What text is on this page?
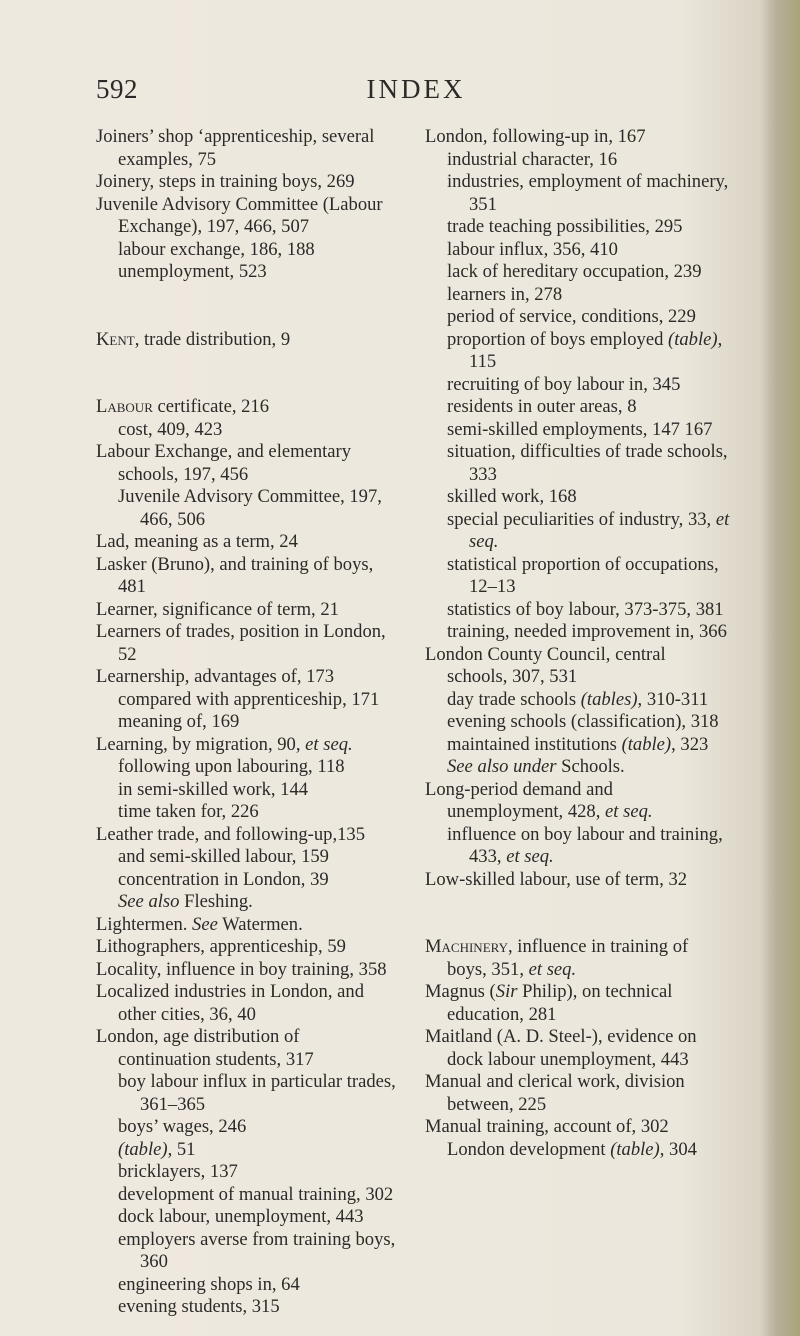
592	INDEX

Joiners’ shop ‘apprenticeship, several examples, 75

Joinery, steps in training boys, 269

Juvenile Advisory Committee (Labour Exchange), 197, 466, 507

labour exchange, 186, 188

unemployment, 523

Kent, trade distribution, 9

Labour certificate, 216

cost, 409, 423

Labour Exchange, and elementary schools, 197, 456

Juvenile Advisory Committee, 197, 466, 506

Lad, meaning as a term, 24

Lasker (Bruno), and training of boys, 481

Learner, significance of term, 21

Learners of trades, position in London, 52

Learnership, advantages of, 173

compared with apprenticeship, 171

meaning of, 169

Learning, by migration, 90, et seq.

following upon labouring, 118

in semi-skilled work, 144

time taken for, 226

Leather trade, and following-up,135

and semi-skilled labour, 159

concentration in London, 39

See also Fleshing.

Lightermen. See Watermen.

Lithographers, apprenticeship, 59

Locality, influence in boy training, 358

Localized industries in London, and other cities, 36, 40

London, age distribution of continuation students, 317

boy labour influx in particular trades, 361–365

boys’ wages, 246

(table), 51

bricklayers, 137

development of manual training, 302

dock labour, unemployment, 443

employers averse from training boys, 360

engineering shops in, 64

evening students, 315

London, following-up in, 167

industrial character, 16

industries, employment of machinery, 351

trade teaching possibilities, 295

labour influx, 356, 410

lack of hereditary occupation, 239

learners in, 278

period of service, conditions, 229

proportion of boys employed (table), 115

recruiting of boy labour in, 345

residents in outer areas, 8

semi-skilled employments, 147 167

situation, difficulties of trade schools, 333

skilled work, 168

special peculiarities of industry, 33, et seq.

statistical proportion of occupations, 12–13

statistics of boy labour, 373-375, 381

training, needed improvement in, 366

London County Council, central schools, 307, 531

day trade schools (tables), 310-311

evening schools (classification), 318

maintained institutions (table), 323

See also under Schools.

Long-period demand and unemployment, 428, et seq.

influence on boy labour and training, 433, et seq.

Low-skilled labour, use of term, 32

Machinery, influence in training of boys, 351, et seq.

Magnus (Sir Philip), on technical education, 281

Maitland (A. D. Steel-), evidence on dock labour unemployment, 443

Manual and clerical work, division between, 225

Manual training, account of, 302

London development (table), 304
